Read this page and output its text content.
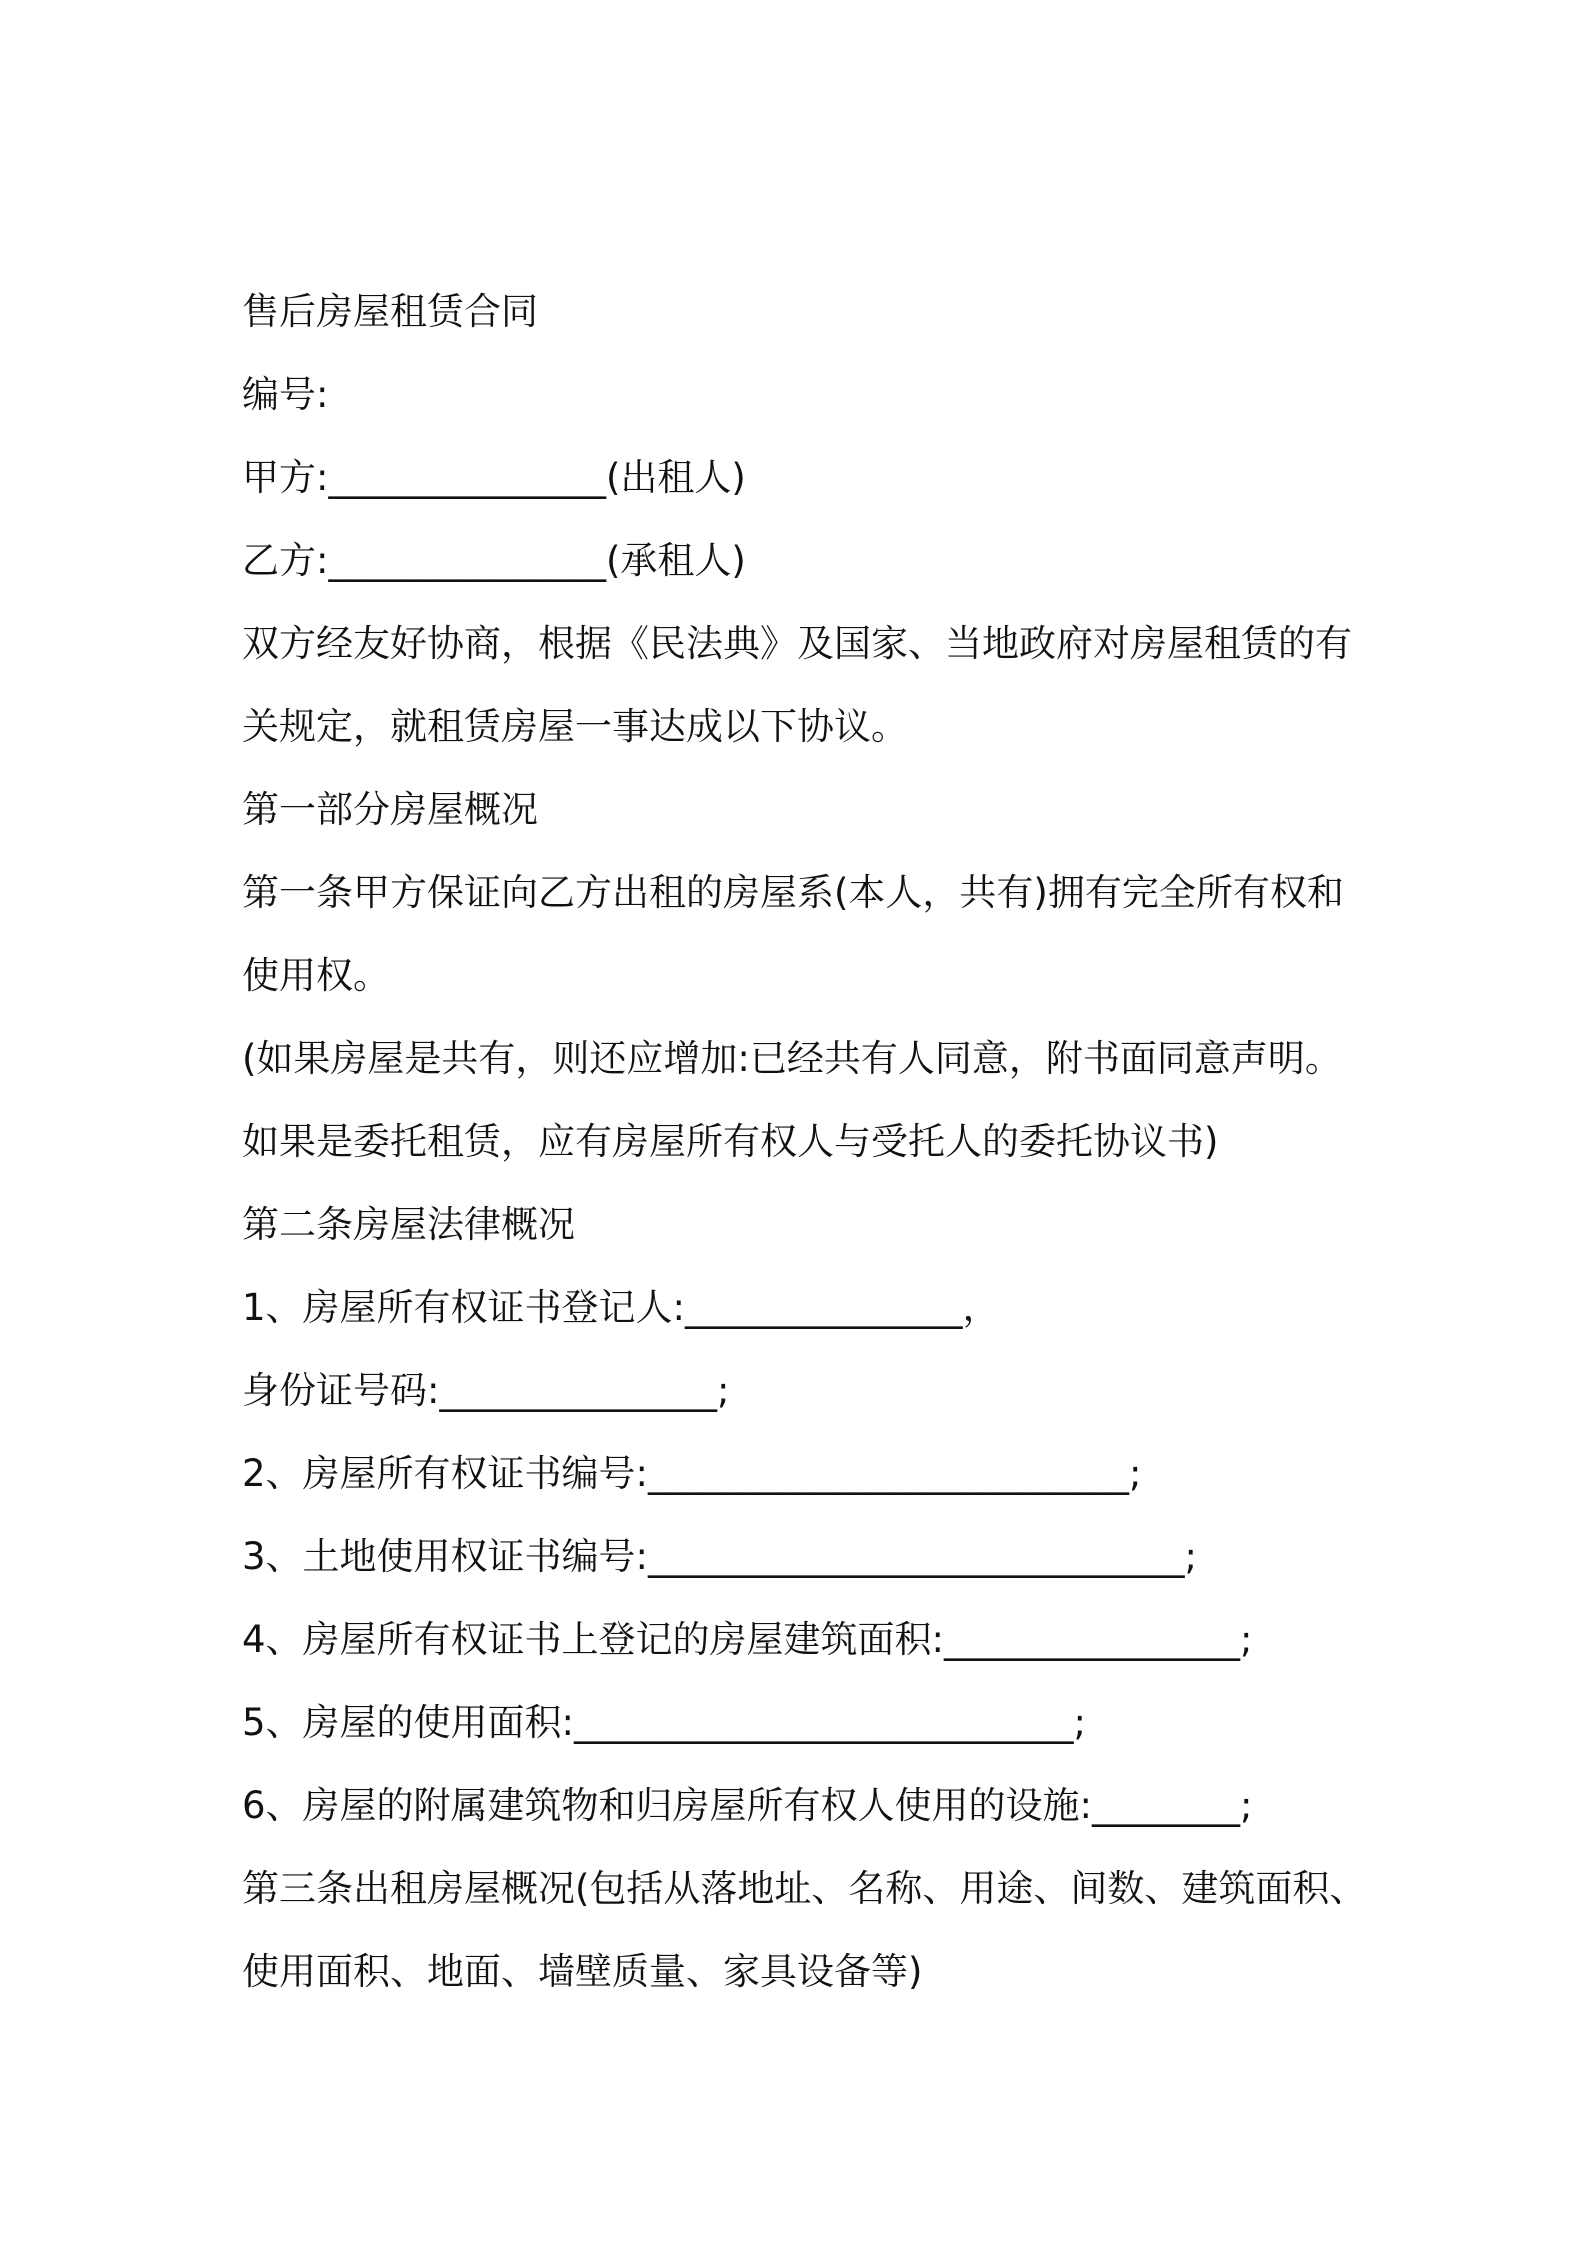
售后房屋租赁合同
编号:
甲方:_______________(出租人)
乙方:_______________(承租人)
双方经友好协商，根据《民法典》及国家、当地政府对房屋租赁的有
关规定，就租赁房屋一事达成以下协议。
第一部分房屋概况
第一条甲方保证向乙方出租的房屋系(本人，共有)拥有完全所有权和
使用权。
(如果房屋是共有，则还应增加:已经共有人同意，附书面同意声明。
如果是委托租赁，应有房屋所有权人与受托人的委托协议书)
第二条房屋法律概况
1、房屋所有权证书登记人:_______________，
身份证号码:_______________;
2、房屋所有权证书编号:__________________________;
3、土地使用权证书编号:_____________________________;
4、房屋所有权证书上登记的房屋建筑面积:________________;
5、房屋的使用面积:___________________________;
6、房屋的附属建筑物和归房屋所有权人使用的设施:________;
第三条出租房屋概况(包括从落地址、名称、用途、间数、建筑面积、
使用面积、地面、墙壁质量、家具设备等)
